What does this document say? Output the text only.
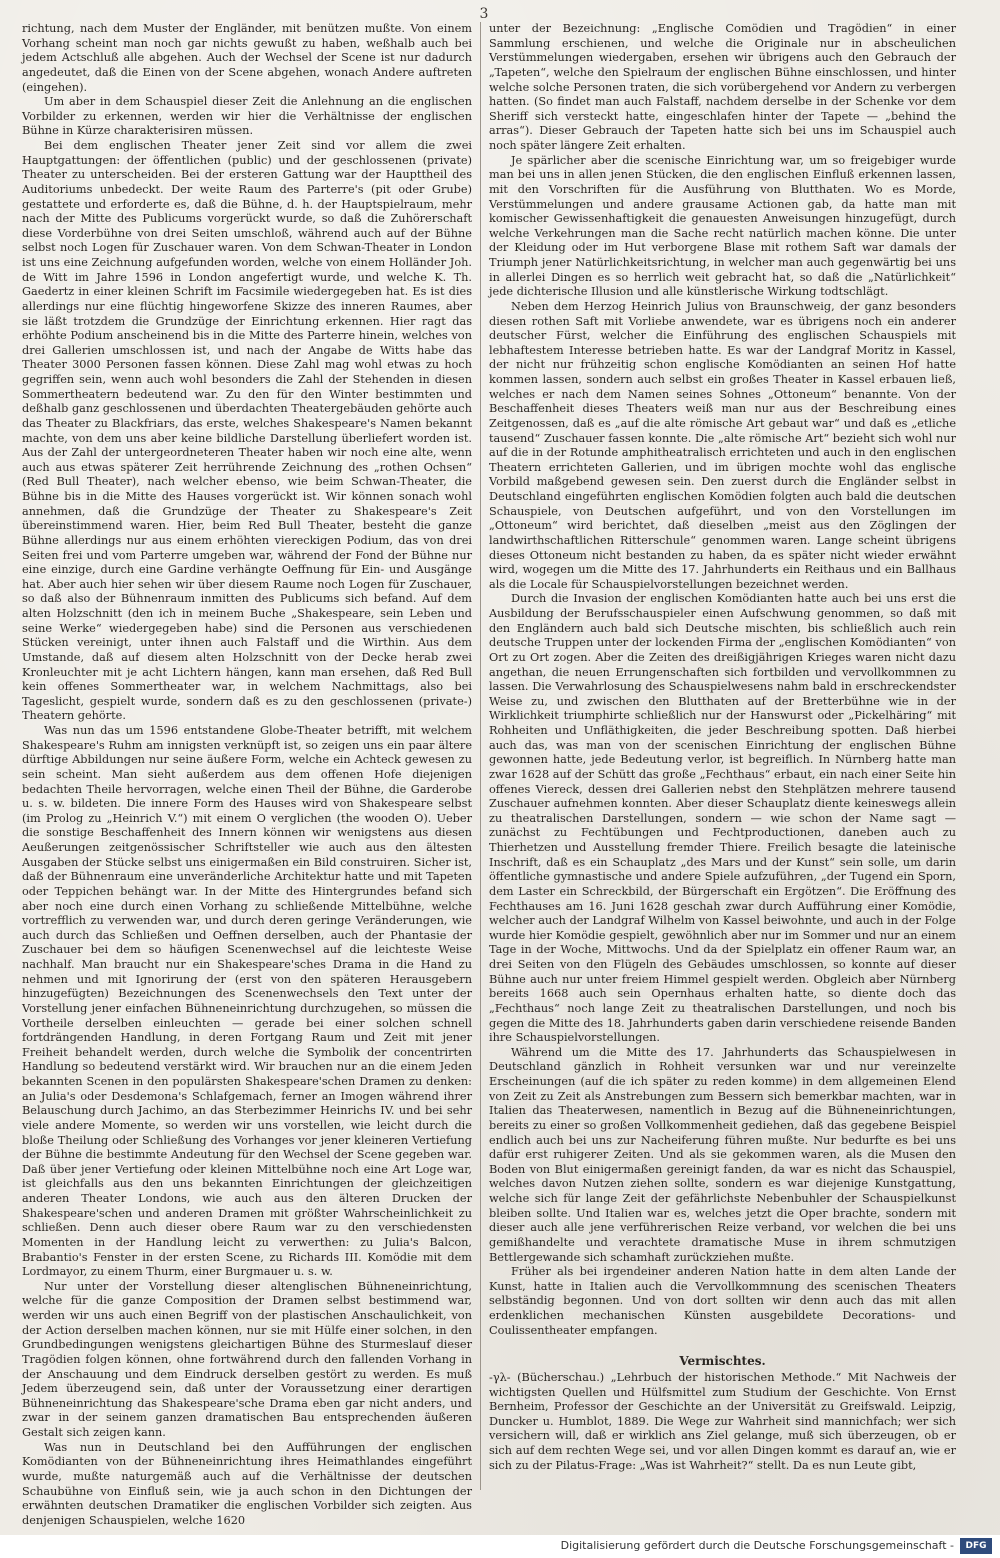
3

richtung, nach dem Muster der Engländer, mit benützen mußte. Von einem Vorhang scheint man noch gar nichts gewußt zu haben, weßhalb auch bei jedem Actschluß alle abgehen. Auch der Wechsel der Scene ist nur dadurch angedeutet, daß die Einen von der Scene abgehen, wonach Andere auftreten (eingehen).

Um aber in dem Schauspiel dieser Zeit die Anlehnung an die englischen Vorbilder zu erkennen, werden wir hier die Verhältnisse der englischen Bühne in Kürze charakterisiren müssen.

Bei dem englischen Theater jener Zeit sind vor allem die zwei Hauptgattungen: der öffentlichen (public) und der geschlossenen (private) Theater zu unterscheiden. Bei der ersteren Gattung war der Haupttheil des Auditoriums unbedeckt. Der weite Raum des Parterre's (pit oder Grube) gestattete und erforderte es, daß die Bühne, d. h. der Hauptspielraum, mehr nach der Mitte des Publicums vorgerückt wurde, so daß die Zuhörerschaft diese Vorderbühne von drei Seiten umschloß, während auch auf der Bühne selbst noch Logen für Zuschauer waren. Von dem Schwan-Theater in London ist uns eine Zeichnung aufgefunden worden, welche von einem Holländer Joh. de Witt im Jahre 1596 in London angefertigt wurde, und welche K. Th. Gaedertz in einer kleinen Schrift im Facsimile wiedergegeben hat. Es ist dies allerdings nur eine flüchtig hingeworfene Skizze des inneren Raumes, aber sie läßt trotzdem die Grundzüge der Einrichtung erkennen. Hier ragt das erhöhte Podium anscheinend bis in die Mitte des Parterre hinein, welches von drei Gallerien umschlossen ist, und nach der Angabe de Witts habe das Theater 3000 Personen fassen können. Diese Zahl mag wohl etwas zu hoch gegriffen sein, wenn auch wohl besonders die Zahl der Stehenden in diesen Sommertheatern bedeutend war. Zu den für den Winter bestimmten und deßhalb ganz geschlossenen und überdachten Theatergebäuden gehörte auch das Theater zu Blackfriars, das erste, welches Shakespeare's Namen bekannt machte, von dem uns aber keine bildliche Darstellung überliefert worden ist. Aus der Zahl der untergeordneteren Theater haben wir noch eine alte, wenn auch aus etwas späterer Zeit herrührende Zeichnung des „rothen Ochsen“ (Red Bull Theater), nach welcher ebenso, wie beim Schwan-Theater, die Bühne bis in die Mitte des Hauses vorgerückt ist. Wir können sonach wohl annehmen, daß die Grundzüge der Theater zu Shakespeare's Zeit übereinstimmend waren. Hier, beim Red Bull Theater, besteht die ganze Bühne allerdings nur aus einem erhöhten viereckigen Podium, das von drei Seiten frei und vom Parterre umgeben war, während der Fond der Bühne nur eine einzige, durch eine Gardine verhängte Oeffnung für Ein- und Ausgänge hat. Aber auch hier sehen wir über diesem Raume noch Logen für Zuschauer, so daß also der Bühnenraum inmitten des Publicums sich befand. Auf dem alten Holzschnitt (den ich in meinem Buche „Shakespeare, sein Leben und seine Werke“ wiedergegeben habe) sind die Personen aus verschiedenen Stücken vereinigt, unter ihnen auch Falstaff und die Wirthin. Aus dem Umstande, daß auf diesem alten Holzschnitt von der Decke herab zwei Kronleuchter mit je acht Lichtern hängen, kann man ersehen, daß Red Bull kein offenes Sommertheater war, in welchem Nachmittags, also bei Tageslicht, gespielt wurde, sondern daß es zu den geschlossenen (private-) Theatern gehörte.

Was nun das um 1596 entstandene Globe-Theater betrifft, mit welchem Shakespeare's Ruhm am innigsten verknüpft ist, so zeigen uns ein paar ältere dürftige Abbildungen nur seine äußere Form, welche ein Achteck gewesen zu sein scheint. Man sieht außerdem aus dem offenen Hofe diejenigen bedachten Theile hervorragen, welche einen Theil der Bühne, die Garderobe u. s. w. bildeten. Die innere Form des Hauses wird von Shakespeare selbst (im Prolog zu „Heinrich V.“) mit einem O verglichen (the wooden O). Ueber die sonstige Beschaffenheit des Innern können wir wenigstens aus diesen Aeußerungen zeitgenössischer Schriftsteller wie auch aus den ältesten Ausgaben der Stücke selbst uns einigermaßen ein Bild construiren. Sicher ist, daß der Bühnenraum eine unveränderliche Architektur hatte und mit Tapeten oder Teppichen behängt war. In der Mitte des Hintergrundes befand sich aber noch eine durch einen Vorhang zu schließende Mittelbühne, welche vortrefflich zu verwenden war, und durch deren geringe Veränderungen, wie auch durch das Schließen und Oeffnen derselben, auch der Phantasie der Zuschauer bei dem so häufigen Scenenwechsel auf die leichteste Weise nachhalf. Man braucht nur ein Shakespeare'sches Drama in die Hand zu nehmen und mit Ignorirung der (erst von den späteren Herausgebern hinzugefügten) Bezeichnungen des Scenenwechsels den Text unter der Vorstellung jener einfachen Bühneneinrichtung durchzugehen, so müssen die Vortheile derselben einleuchten — gerade bei einer solchen schnell fortdrängenden Handlung, in deren Fortgang Raum und Zeit mit jener Freiheit behandelt werden, durch welche die Symbolik der concentrirten Handlung so bedeutend verstärkt wird. Wir brauchen nur an die einem Jeden bekannten Scenen in den populärsten Shakespeare'schen Dramen zu denken: an Julia's oder Desdemona's Schlafgemach, ferner an Imogen während ihrer Belauschung durch Jachimo, an das Sterbezimmer Heinrichs IV. und bei sehr viele andere Momente, so werden wir uns vorstellen, wie leicht durch die bloße Theilung oder Schließung des Vorhanges vor jener kleineren Vertiefung der Bühne die bestimmte Andeutung für den Wechsel der Scene gegeben war. Daß über jener Vertiefung oder kleinen Mittelbühne noch eine Art Loge war, ist gleichfalls aus den uns bekannten Einrichtungen der gleichzeitigen anderen Theater Londons, wie auch aus den älteren Drucken der Shakespeare'schen und anderen Dramen mit größter Wahrscheinlichkeit zu schließen. Denn auch dieser obere Raum war zu den verschiedensten Momenten in der Handlung leicht zu verwerthen: zu Julia's Balcon, Brabantio's Fenster in der ersten Scene, zu Richards III. Komödie mit dem Lordmayor, zu einem Thurm, einer Burgmauer u. s. w.

Nur unter der Vorstellung dieser altenglischen Bühneneinrichtung, welche für die ganze Composition der Dramen selbst bestimmend war, werden wir uns auch einen Begriff von der plastischen Anschaulichkeit, von der Action derselben machen können, nur sie mit Hülfe einer solchen, in den Grundbedingungen wenigstens gleichartigen Bühne des Sturmeslauf dieser Tragödien folgen können, ohne fortwährend durch den fallenden Vorhang in der Anschauung und dem Eindruck derselben gestört zu werden. Es muß Jedem überzeugend sein, daß unter der Voraussetzung einer derartigen Bühneneinrichtung das Shakespeare'sche Drama eben gar nicht anders, und zwar in der seinem ganzen dramatischen Bau entsprechenden äußeren Gestalt sich zeigen kann.

Was nun in Deutschland bei den Aufführungen der englischen Komödianten von der Bühneneinrichtung ihres Heimathlandes eingeführt wurde, mußte naturgemäß auch auf die Verhältnisse der deutschen Schaubühne von Einfluß sein, wie ja auch schon in den Dichtungen der erwähnten deutschen Dramatiker die englischen Vorbilder sich zeigten. Aus denjenigen Schauspielen, welche 1620

unter der Bezeichnung: „Englische Comödien und Tragödien“ in einer Sammlung erschienen, und welche die Originale nur in abscheulichen Verstümmelungen wiedergaben, ersehen wir übrigens auch den Gebrauch der „Tapeten“, welche den Spielraum der englischen Bühne einschlossen, und hinter welche solche Personen traten, die sich vorübergehend vor Andern zu verbergen hatten. (So findet man auch Falstaff, nachdem derselbe in der Schenke vor dem Sheriff sich versteckt hatte, eingeschlafen hinter der Tapete — „behind the arras“). Dieser Gebrauch der Tapeten hatte sich bei uns im Schauspiel auch noch später längere Zeit erhalten.

Je spärlicher aber die scenische Einrichtung war, um so freigebiger wurde man bei uns in allen jenen Stücken, die den englischen Einfluß erkennen lassen, mit den Vorschriften für die Ausführung von Blutthaten. Wo es Morde, Verstümmelungen und andere grausame Actionen gab, da hatte man mit komischer Gewissenhaftigkeit die genauesten Anweisungen hinzugefügt, durch welche Verkehrungen man die Sache recht natürlich machen könne. Die unter der Kleidung oder im Hut verborgene Blase mit rothem Saft war damals der Triumph jener Natürlichkeitsrichtung, in welcher man auch gegenwärtig bei uns in allerlei Dingen es so herrlich weit gebracht hat, so daß die „Natürlichkeit“ jede dichterische Illusion und alle künstlerische Wirkung todtschlägt.

Neben dem Herzog Heinrich Julius von Braunschweig, der ganz besonders diesen rothen Saft mit Vorliebe anwendete, war es übrigens noch ein anderer deutscher Fürst, welcher die Einführung des englischen Schauspiels mit lebhaftestem Interesse betrieben hatte. Es war der Landgraf Moritz in Kassel, der nicht nur frühzeitig schon englische Komödianten an seinen Hof hatte kommen lassen, sondern auch selbst ein großes Theater in Kassel erbauen ließ, welches er nach dem Namen seines Sohnes „Ottoneum“ benannte. Von der Beschaffenheit dieses Theaters weiß man nur aus der Beschreibung eines Zeitgenossen, daß es „auf die alte römische Art gebaut war“ und daß es „etliche tausend“ Zuschauer fassen konnte. Die „alte römische Art“ bezieht sich wohl nur auf die in der Rotunde amphitheatralisch errichteten und auch in den englischen Theatern errichteten Gallerien, und im übrigen mochte wohl das englische Vorbild maßgebend gewesen sein. Den zuerst durch die Engländer selbst in Deutschland eingeführten englischen Komödien folgten auch bald die deutschen Schauspiele, von Deutschen aufgeführt, und von den Vorstellungen im „Ottoneum“ wird berichtet, daß dieselben „meist aus den Zöglingen der landwirthschaftlichen Ritterschule“ genommen waren. Lange scheint übrigens dieses Ottoneum nicht bestanden zu haben, da es später nicht wieder erwähnt wird, wogegen um die Mitte des 17. Jahrhunderts ein Reithaus und ein Ballhaus als die Locale für Schauspielvorstellungen bezeichnet werden.

Durch die Invasion der englischen Komödianten hatte auch bei uns erst die Ausbildung der Berufsschauspieler einen Aufschwung genommen, so daß mit den Engländern auch bald sich Deutsche mischten, bis schließlich auch rein deutsche Truppen unter der lockenden Firma der „englischen Komödianten“ von Ort zu Ort zogen. Aber die Zeiten des dreißigjährigen Krieges waren nicht dazu angethan, die neuen Errungenschaften sich fortbilden und vervollkommnen zu lassen. Die Verwahrlosung des Schauspielwesens nahm bald in erschreckendster Weise zu, und zwischen den Blutthaten auf der Bretterbühne wie in der Wirklichkeit triumphirte schließlich nur der Hanswurst oder „Pickelhäring“ mit Rohheiten und Unfläthigkeiten, die jeder Beschreibung spotten. Daß hierbei auch das, was man von der scenischen Einrichtung der englischen Bühne gewonnen hatte, jede Bedeutung verlor, ist begreiflich. In Nürnberg hatte man zwar 1628 auf der Schütt das große „Fechthaus“ erbaut, ein nach einer Seite hin offenes Viereck, dessen drei Gallerien nebst den Stehplätzen mehrere tausend Zuschauer aufnehmen konnten. Aber dieser Schauplatz diente keineswegs allein zu theatralischen Darstellungen, sondern — wie schon der Name sagt — zunächst zu Fechtübungen und Fechtproductionen, daneben auch zu Thierhetzen und Ausstellung fremder Thiere. Freilich besagte die lateinische Inschrift, daß es ein Schauplatz „des Mars und der Kunst“ sein solle, um darin öffentliche gymnastische und andere Spiele aufzuführen, „der Tugend ein Sporn, dem Laster ein Schreckbild, der Bürgerschaft ein Ergötzen“. Die Eröffnung des Fechthauses am 16. Juni 1628 geschah zwar durch Aufführung einer Komödie, welcher auch der Landgraf Wilhelm von Kassel beiwohnte, und auch in der Folge wurde hier Komödie gespielt, gewöhnlich aber nur im Sommer und nur an einem Tage in der Woche, Mittwochs. Und da der Spielplatz ein offener Raum war, an drei Seiten von den Flügeln des Gebäudes umschlossen, so konnte auf dieser Bühne auch nur unter freiem Himmel gespielt werden. Obgleich aber Nürnberg bereits 1668 auch sein Opernhaus erhalten hatte, so diente doch das „Fechthaus“ noch lange Zeit zu theatralischen Darstellungen, und noch bis gegen die Mitte des 18. Jahrhunderts gaben darin verschiedene reisende Banden ihre Schauspielvorstellungen.

Während um die Mitte des 17. Jahrhunderts das Schauspielwesen in Deutschland gänzlich in Rohheit versunken war und nur vereinzelte Erscheinungen (auf die ich später zu reden komme) in dem allgemeinen Elend von Zeit zu Zeit als Anstrebungen zum Bessern sich bemerkbar machten, war in Italien das Theaterwesen, namentlich in Bezug auf die Bühneneinrichtungen, bereits zu einer so großen Vollkommenheit gediehen, daß das gegebene Beispiel endlich auch bei uns zur Nacheiferung führen mußte. Nur bedurfte es bei uns dafür erst ruhigerer Zeiten. Und als sie gekommen waren, als die Musen den Boden von Blut einigermaßen gereinigt fanden, da war es nicht das Schauspiel, welches davon Nutzen ziehen sollte, sondern es war diejenige Kunstgattung, welche sich für lange Zeit der gefährlichste Nebenbuhler der Schauspielkunst bleiben sollte. Und Italien war es, welches jetzt die Oper brachte, sondern mit dieser auch alle jene verführerischen Reize verband, vor welchen die bei uns gemißhandelte und verachtete dramatische Muse in ihrem schmutzigen Bettlergewande sich schamhaft zurückziehen mußte.

Früher als bei irgendeiner anderen Nation hatte in dem alten Lande der Kunst, hatte in Italien auch die Vervollkommnung des scenischen Theaters selbständig begonnen. Und von dort sollten wir denn auch das mit allen erdenklichen mechanischen Künsten ausgebildete Decorations- und Coulissentheater empfangen.

Vermischtes.

-γλ- (Bücherschau.) „Lehrbuch der historischen Methode.“ Mit Nachweis der wichtigsten Quellen und Hülfsmittel zum Studium der Geschichte. Von Ernst Bernheim, Professor der Geschichte an der Universität zu Greifswald. Leipzig, Duncker u. Humblot, 1889. Die Wege zur Wahrheit sind mannichfach; wer sich versichern will, daß er wirklich ans Ziel gelange, muß sich überzeugen, ob er sich auf dem rechten Wege sei, und vor allen Dingen kommt es darauf an, wie er sich zu der Pilatus-Frage: „Was ist Wahrheit?“ stellt. Da es nun Leute gibt,

Digitalisierung gefördert durch die Deutsche Forschungsgemeinschaft -	DFG
